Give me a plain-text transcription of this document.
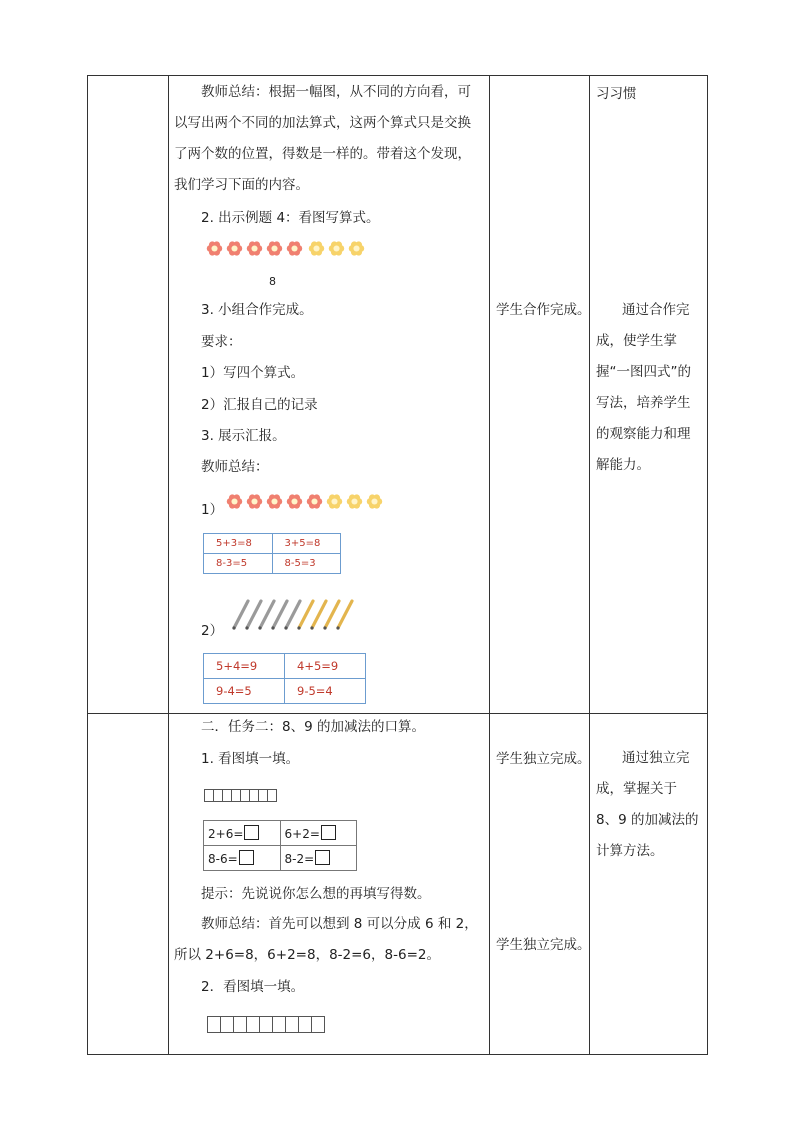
教师总结：根据一幅图，从不同的方向看，可以写出两个不同的加法算式，这两个算式只是交换了两个数的位置，得数是一样的。带着这个发现，我们学习下面的内容。
2. 出示例题 4：看图写算式。
8
3. 小组合作完成。
要求：
1）写四个算式。
2）汇报自己的记录
3. 展示汇报。
教师总结：
1）
5+3=8	3+5=8
8-3=5	8-5=3
2）
5+4=9	4+5=9
9-4=5	9-5=4
学生合作完成。
习习惯
通过合作完成，使学生掌握“一图四式”的写法，培养学生的观察能力和理解能力。
二．任务二：8、9 的加减法的口算。
1. 看图填一填。
2+6=	6+2=
8-6=	8-2=
提示：先说说你怎么想的再填写得数。
教师总结：首先可以想到 8 可以分成 6 和 2，所以 2+6=8，6+2=8，8-2=6，8-6=2。
2．看图填一填。
学生独立完成。
学生独立完成。
通过独立完成，掌握关于 8、9 的加减法的计算方法。
